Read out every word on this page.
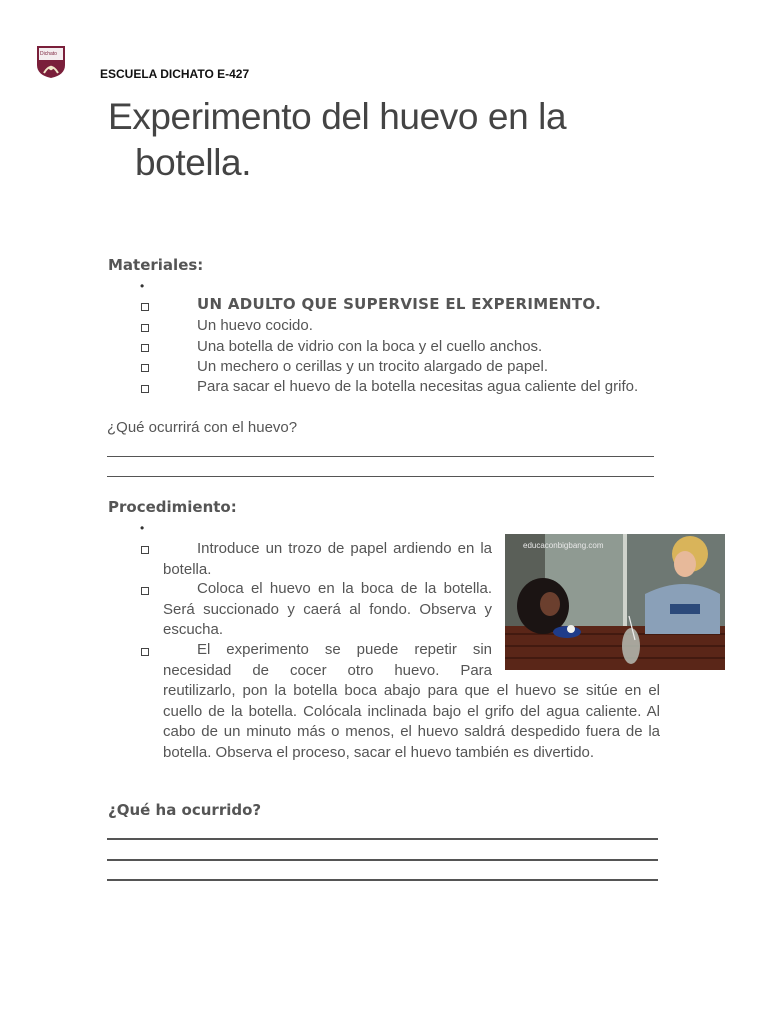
Dichato
ESCUELA DICHATO E-427
Experimento del huevo en la
botella.
Materiales:
•
UN ADULTO QUE SUPERVISE EL EXPERIMENTO.
Un huevo cocido.
Una botella de vidrio con la boca y el cuello anchos.
Un mechero o cerillas y un trocito alargado de papel.
Para sacar el huevo de la botella necesitas agua caliente del grifo.
¿Qué ocurrirá con el huevo?
Procedimiento:
•
Introduce un trozo de papel ardiendo en la botella.
Coloca el huevo en la boca de la botella. Será succionado y caerá al fondo. Observa y escucha.
El experimento se puede repetir sin necesidad de cocer otro huevo. Para
reutilizarlo, pon la botella boca abajo para que el huevo se sitúe en el cuello de la botella. Colócala inclinada bajo el grifo del agua caliente. Al cabo de un minuto más o menos, el huevo saldrá despedido fuera de la botella. Observa el proceso, sacar el huevo también es divertido.
educaconbigbang.com
¿Qué ha ocurrido?
